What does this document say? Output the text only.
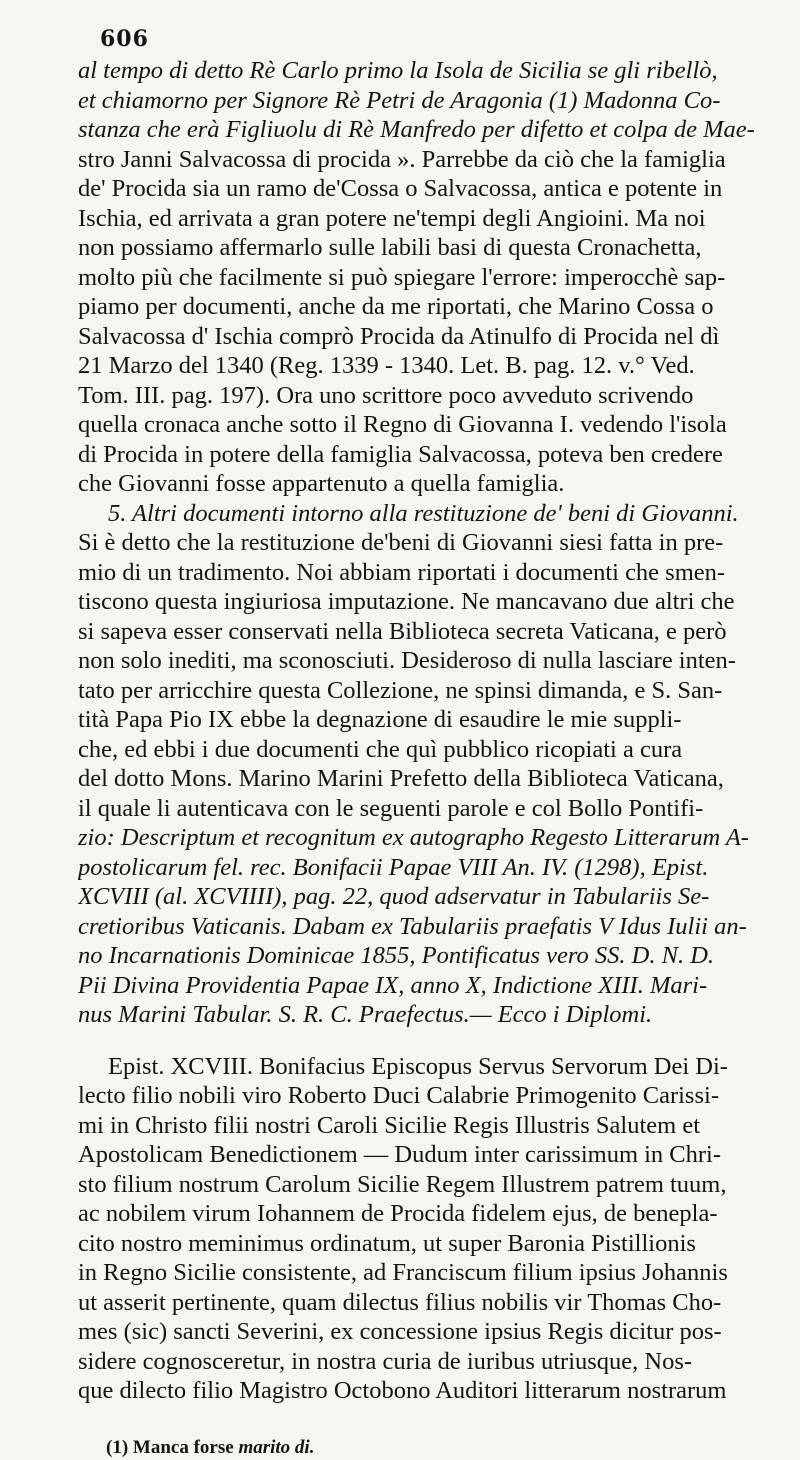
606
al tempo di detto Rè Carlo primo la Isola de Sicilia se gli ribellò,
et chiamorno per Signore Rè Petri de Aragonia (1) Madonna Co-
stanza che erà Figliuolu di Rè Manfredo per difetto et colpa de Mae-
stro Janni Salvacossa di procida ». Parrebbe da ciò che la famiglia
de' Procida sia un ramo de'Cossa o Salvacossa, antica e potente in
Ischia, ed arrivata a gran potere ne'tempi degli Angioini. Ma noi
non possiamo affermarlo sulle labili basi di questa Cronachetta,
molto più che facilmente si può spiegare l'errore: imperocchè sap-
piamo per documenti, anche da me riportati, che Marino Cossa o
Salvacossa d' Ischia comprò Procida da Atinulfo di Procida nel dì
21 Marzo del 1340 (Reg. 1339 - 1340. Let. B. pag. 12. v.° Ved.
Tom. III. pag. 197). Ora uno scrittore poco avveduto scrivendo
quella cronaca anche sotto il Regno di Giovanna I. vedendo l'isola
di Procida in potere della famiglia Salvacossa, poteva ben credere
che Giovanni fosse appartenuto a quella famiglia.
5. Altri documenti intorno alla restituzione de' beni di Giovanni.
Si è detto che la restituzione de'beni di Giovanni siesi fatta in pre-
mio di un tradimento. Noi abbiam riportati i documenti che smen-
tiscono questa ingiuriosa imputazione. Ne mancavano due altri che
si sapeva esser conservati nella Biblioteca secreta Vaticana, e però
non solo inediti, ma sconosciuti. Desideroso di nulla lasciare inten-
tato per arricchire questa Collezione, ne spinsi dimanda, e S. San-
tità Papa Pio IX ebbe la degnazione di esaudire le mie suppli-
che, ed ebbi i due documenti che quì pubblico ricopiati a cura
del dotto Mons. Marino Marini Prefetto della Biblioteca Vaticana,
il quale li autenticava con le seguenti parole e col Bollo Pontifi-
zio: Descriptum et recognitum ex autographo Regesto Litterarum A-
postolicarum fel. rec. Bonifacii Papae VIII An. IV. (1298), Epist.
XCVIII (al. XCVIIII), pag. 22, quod adservatur in Tabulariis Se-
cretioribus Vaticanis. Dabam ex Tabulariis praefatis V Idus Iulii an-
no Incarnationis Dominicae 1855, Pontificatus vero SS. D. N. D.
Pii Divina Providentia Papae IX, anno X, Indictione XIII. Mari-
nus Marini Tabular. S. R. C. Praefectus.— Ecco i Diplomi.
Epist. XCVIII. Bonifacius Episcopus Servus Servorum Dei Di-
lecto filio nobili viro Roberto Duci Calabrie Primogenito Carissi-
mi in Christo filii nostri Caroli Sicilie Regis Illustris Salutem et
Apostolicam Benedictionem — Dudum inter carissimum in Chri-
sto filium nostrum Carolum Sicilie Regem Illustrem patrem tuum,
ac nobilem virum Iohannem de Procida fidelem ejus, de benepla-
cito nostro meminimus ordinatum, ut super Baronia Pistillionis
in Regno Sicilie consistente, ad Franciscum filium ipsius Johannis
ut asserit pertinente, quam dilectus filius nobilis vir Thomas Cho-
mes (sic) sancti Severini, ex concessione ipsius Regis dicitur pos-
sidere cognosceretur, in nostra curia de iuribus utriusque, Nos-
que dilecto filio Magistro Octobono Auditori litterarum nostrarum
(1) Manca forse marito di.
